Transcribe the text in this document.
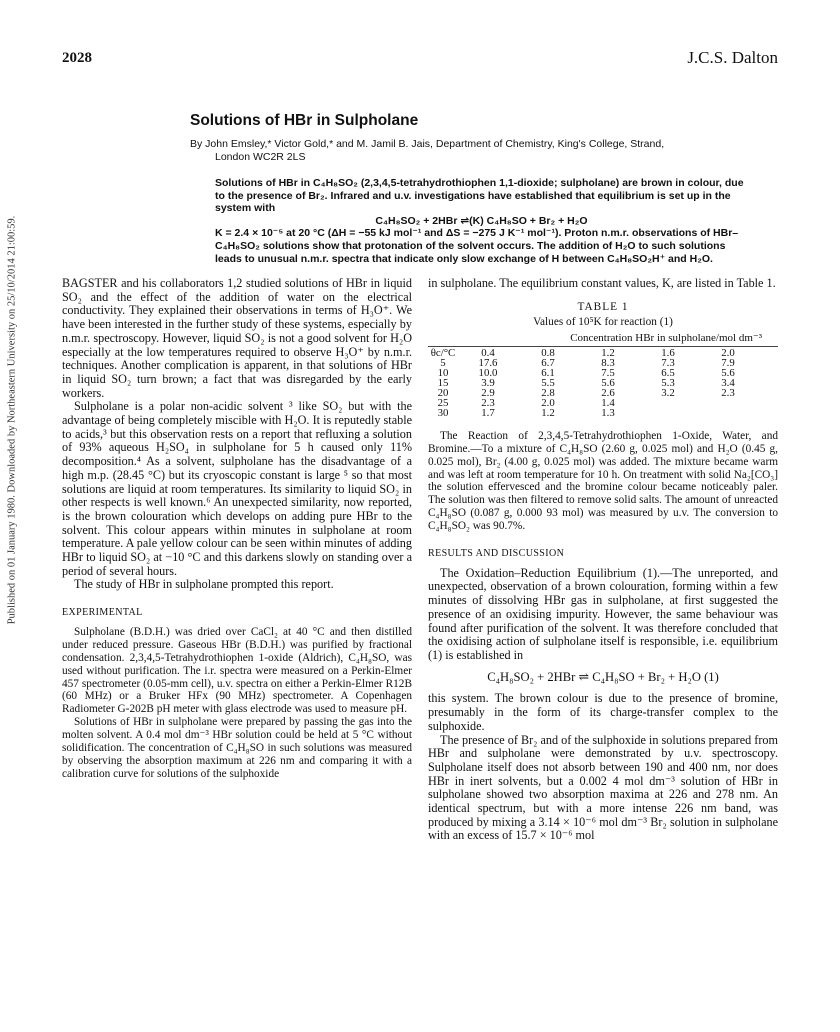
Published on 01 January 1980. Downloaded by Northeastern University on 25/10/2014 21:00:59.
2028	J.C.S. Dalton
Solutions of HBr in Sulpholane
By John Emsley,* Victor Gold,* and M. Jamil B. Jais, Department of Chemistry, King's College, Strand,
London WC2R 2LS

Solutions of HBr in C₄H₈SO₂ (2,3,4,5-tetrahydrothiophen 1,1-dioxide; sulpholane) are brown in colour, due to the presence of Br₂. Infrared and u.v. investigations have established that equilibrium is set up in the system with

C₄H₈SO₂ + 2HBr ⇌(K) C₄H₈SO + Br₂ + H₂O

K = 2.4 × 10⁻⁵ at 20 °C (ΔH = −55 kJ mol⁻¹ and ΔS = −275 J K⁻¹ mol⁻¹). Proton n.m.r. observations of HBr–C₄H₈SO₂ solutions show that protonation of the solvent occurs. The addition of H₂O to such solutions leads to unusual n.m.r. spectra that indicate only slow exchange of H between C₄H₈SO₂H⁺ and H₂O.

BAGSTER and his collaborators 1,2 studied solutions of HBr in liquid SO₂ and the effect of the addition of water on the electrical conductivity. They explained their observations in terms of H₃O⁺. We have been interested in the further study of these systems, especially by n.m.r. spectroscopy. However, liquid SO₂ is not a good solvent for H₂O especially at the low temperatures required to observe H₃O⁺ by n.m.r. techniques. Another complication is apparent, in that solutions of HBr in liquid SO₂ turn brown; a fact that was disregarded by the early workers.

Sulpholane is a polar non-acidic solvent ³ like SO₂ but with the advantage of being completely miscible with H₂O. It is reputedly stable to acids,³ but this observation rests on a report that refluxing a solution of 93% aqueous H₂SO₄ in sulpholane for 5 h caused only 11% decomposition.⁴ As a solvent, sulpholane has the disadvantage of a high m.p. (28.45 °C) but its cryoscopic constant is large ⁵ so that most solutions are liquid at room temperatures. Its similarity to liquid SO₂ in other respects is well known.⁶ An unexpected similarity, now reported, is the brown colouration which develops on adding pure HBr to the solvent. This colour appears within minutes in sulpholane at room temperature. A pale yellow colour can be seen within minutes of adding HBr to liquid SO₂ at −10 °C and this darkens slowly on standing over a period of several hours.

The study of HBr in sulpholane prompted this report.

EXPERIMENTAL

Sulpholane (B.D.H.) was dried over CaCl₂ at 40 °C and then distilled under reduced pressure. Gaseous HBr (B.D.H.) was purified by fractional condensation. 2,3,4,5-Tetrahydrothiophen 1-oxide (Aldrich), C₄H₈SO, was used without purification. The i.r. spectra were measured on a Perkin-Elmer 457 spectrometer (0.05-mm cell), u.v. spectra on either a Perkin-Elmer R12B (60 MHz) or a Bruker HFx (90 MHz) spectrometer. A Copenhagen Radiometer G-202B pH meter with glass electrode was used to measure pH.

Solutions of HBr in sulpholane were prepared by passing the gas into the molten solvent. A 0.4 mol dm⁻³ HBr solution could be held at 5 °C without solidification. The concentration of C₄H₈SO in such solutions was measured by observing the absorption maximum at 226 nm and comparing it with a calibration curve for solutions of the sulphoxide

in sulpholane. The equilibrium constant values, K, are listed in Table 1.

TABLE 1

Values of 10⁵K for reaction (1)

Concentration HBr in sulpholane/mol dm⁻³

θc/°C	0.4	0.8	1.2	1.6	2.0
5	17.6	6.7	8.3	7.3	7.9
10	10.0	6.1	7.5	6.5	5.6
15	3.9	5.5	5.6	5.3	3.4
20	2.9	2.8	2.6	3.2	2.3
25	2.3	2.0	1.4		
30	1.7	1.2	1.3		

The Reaction of 2,3,4,5-Tetrahydrothiophen 1-Oxide, Water, and Bromine.—To a mixture of C₄H₈SO (2.60 g, 0.025 mol) and H₂O (0.45 g, 0.025 mol), Br₂ (4.00 g, 0.025 mol) was added. The mixture became warm and was left at room temperature for 10 h. On treatment with solid Na₂[CO₃] the solution effervesced and the bromine colour became noticeably paler. The solution was then filtered to remove solid salts. The amount of unreacted C₄H₈SO (0.087 g, 0.000 93 mol) was measured by u.v. The conversion to C₄H₈SO₂ was 90.7%.

RESULTS AND DISCUSSION

The Oxidation–Reduction Equilibrium (1).—The unreported, and unexpected, observation of a brown colouration, forming within a few minutes of dissolving HBr gas in sulpholane, at first suggested the presence of an oxidising impurity. However, the same behaviour was found after purification of the solvent. It was therefore concluded that the oxidising action of sulpholane itself is responsible, i.e. equilibrium (1) is established in

C₄H₈SO₂ + 2HBr ⇌ C₄H₈SO + Br₂ + H₂O (1)

this system. The brown colour is due to the presence of bromine, presumably in the form of its charge-transfer complex to the sulphoxide.

The presence of Br₂ and of the sulphoxide in solutions prepared from HBr and sulpholane were demonstrated by u.v. spectroscopy. Sulpholane itself does not absorb between 190 and 400 nm, nor does HBr in inert solvents, but a 0.002 4 mol dm⁻³ solution of HBr in sulpholane showed two absorption maxima at 226 and 278 nm. An identical spectrum, but with a more intense 226 nm band, was produced by mixing a 3.14 × 10⁻⁶ mol dm⁻³ Br₂ solution in sulpholane with an excess of 15.7 × 10⁻⁶ mol
